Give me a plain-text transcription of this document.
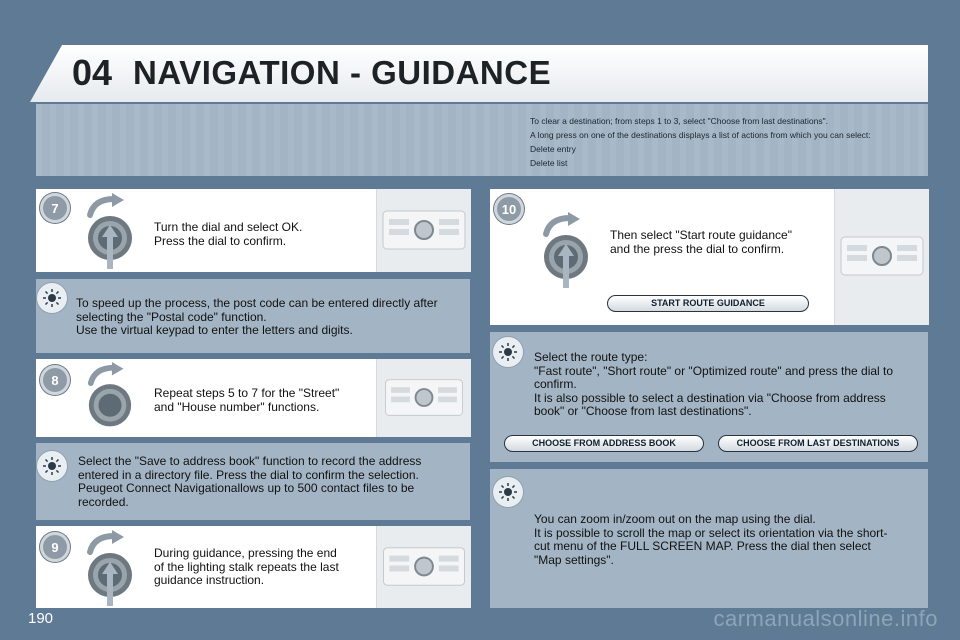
04 NAVIGATION - GUIDANCE
To clear a destination; from steps 1 to 3, select "Choose from last destinations".
A long press on one of the destinations displays a list of actions from which you can select:
Delete entry
Delete list
7
Turn the dial and select OK.
Press the dial to confirm.
To speed up the process, the post code can be entered directly after
selecting the "Postal code" function.
Use the virtual keypad to enter the letters and digits.
8
Repeat steps 5 to 7 for the "Street"
and "House number" functions.
Select the "Save to address book" function to record the address
entered in a directory file. Press the dial to confirm the selection.
Peugeot Connect Navigationallows up to 500 contact files to be
recorded.
9	During guidance, pressing the end
of the lighting stalk repeats the last
guidance instruction.
10
Then select "Start route guidance"
and the press the dial to confirm.
START ROUTE GUIDANCE
Select the route type:
"Fast route", "Short route" or "Optimized route" and press the dial to
confirm.
It is also possible to select a destination via "Choose from address
book" or "Choose from last destinations".
CHOOSE FROM ADDRESS BOOK	CHOOSE FROM LAST DESTINATIONS
You can zoom in/zoom out on the map using the dial.
It is possible to scroll the map or select its orientation via the short-
cut menu of the FULL SCREEN MAP. Press the dial then select
"Map settings".
190	carmanualsonline.info
